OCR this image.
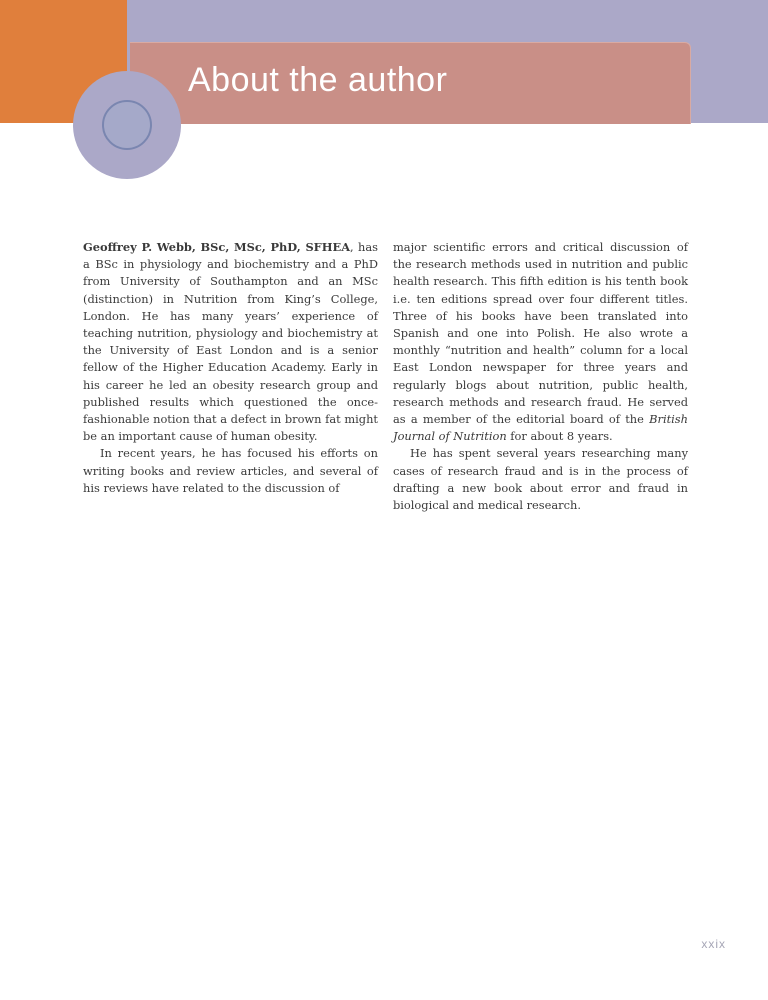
About the author

Geoffrey P. Webb, BSc, MSc, PhD, SFHEA, has a BSc in physiology and biochemistry and a PhD from University of Southampton and an MSc (distinction) in Nutrition from King’s College, London. He has many years’ experience of teaching nutrition, physiology and biochemistry at the University of East London and is a senior fellow of the Higher Education Academy. Early in his career he led an obesity research group and published results which questioned the once-fashionable notion that a defect in brown fat might be an important cause of human obesity.

In recent years, he has focused his efforts on writing books and review articles, and several of his reviews have related to the discussion of

major scientific errors and critical discussion of the research methods used in nutrition and public health research. This fifth edition is his tenth book i.e. ten editions spread over four different titles. Three of his books have been translated into Spanish and one into Polish. He also wrote a monthly “nutrition and health” column for a local East London newspaper for three years and regularly blogs about nutrition, public health, research methods and research fraud. He served as a member of the editorial board of the British Journal of Nutrition for about 8 years.

He has spent several years researching many cases of research fraud and is in the process of drafting a new book about error and fraud in biological and medical research.

xxix
